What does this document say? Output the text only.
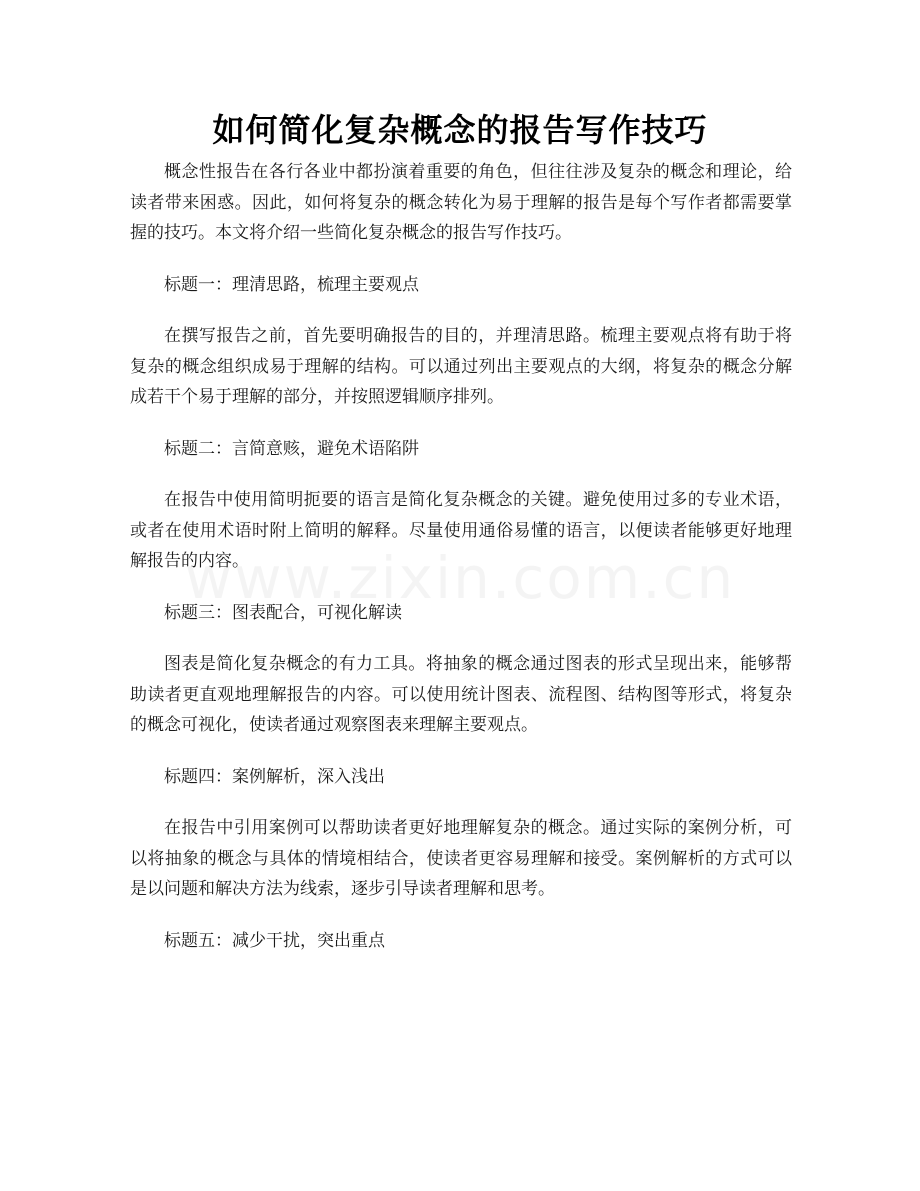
如何简化复杂概念的报告写作技巧

概念性报告在各行各业中都扮演着重要的角色，但往往涉及复杂的概念和理论，给读者带来困惑。因此，如何将复杂的概念转化为易于理解的报告是每个写作者都需要掌握的技巧。本文将介绍一些简化复杂概念的报告写作技巧。

标题一：理清思路，梳理主要观点

在撰写报告之前，首先要明确报告的目的，并理清思路。梳理主要观点将有助于将复杂的概念组织成易于理解的结构。可以通过列出主要观点的大纲，将复杂的概念分解成若干个易于理解的部分，并按照逻辑顺序排列。

标题二：言简意赅，避免术语陷阱

在报告中使用简明扼要的语言是简化复杂概念的关键。避免使用过多的专业术语，或者在使用术语时附上简明的解释。尽量使用通俗易懂的语言，以便读者能够更好地理解报告的内容。

标题三：图表配合，可视化解读

图表是简化复杂概念的有力工具。将抽象的概念通过图表的形式呈现出来，能够帮助读者更直观地理解报告的内容。可以使用统计图表、流程图、结构图等形式，将复杂的概念可视化，使读者通过观察图表来理解主要观点。

标题四：案例解析，深入浅出

在报告中引用案例可以帮助读者更好地理解复杂的概念。通过实际的案例分析，可以将抽象的概念与具体的情境相结合，使读者更容易理解和接受。案例解析的方式可以是以问题和解决方法为线索，逐步引导读者理解和思考。

标题五：减少干扰，突出重点
